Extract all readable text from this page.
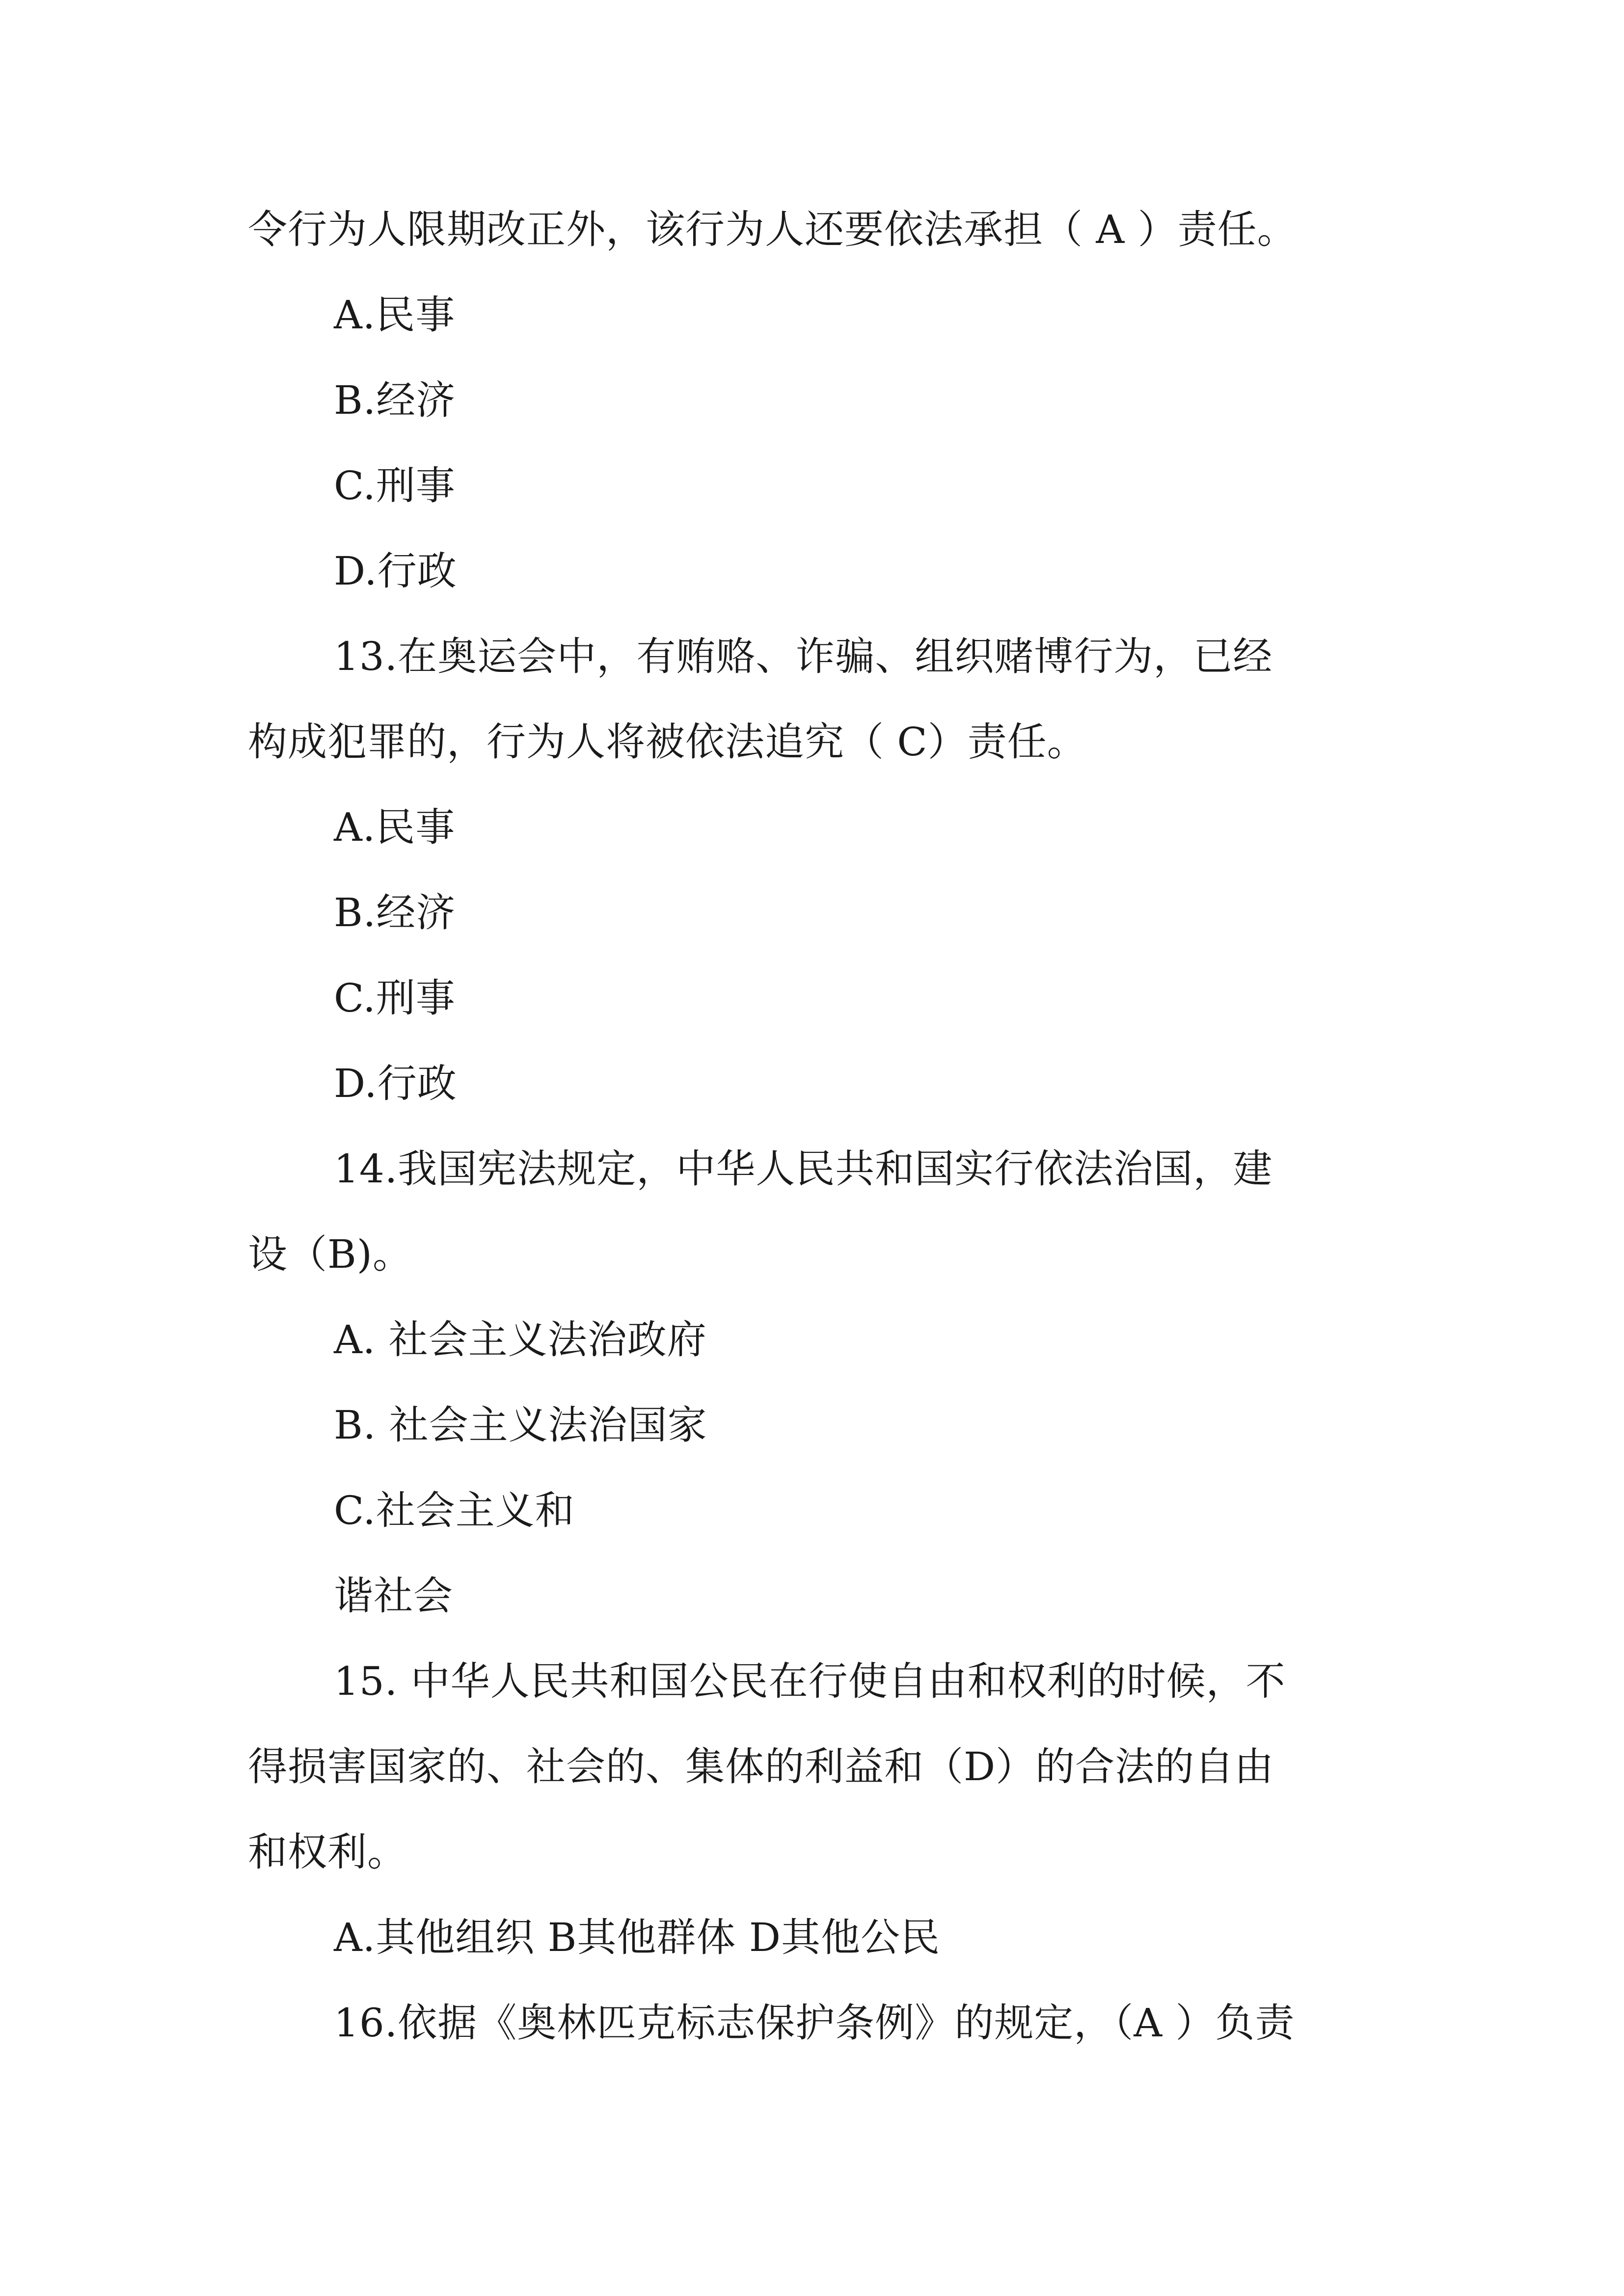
令行为人限期改正外，该行为人还要依法承担（ A ）责任。
A.民事
B.经济
C.刑事
D.行政
13.在奥运会中，有贿赂、诈骗、组织赌博行为，已经
构成犯罪的，行为人将被依法追究（ C）责任。
A.民事
B.经济
C.刑事
D.行政
14.我国宪法规定，中华人民共和国实行依法治国，建
设（B)。
A. 社会主义法治政府
B. 社会主义法治国家
C.社会主义和
谐社会
15. 中华人民共和国公民在行使自由和权利的时候，不
得损害国家的、社会的、集体的利益和（D）的合法的自由
和权利。
A.其他组织 B其他群体 D其他公民
16.依据《奥林匹克标志保护条例》的规定，（A ）负责
